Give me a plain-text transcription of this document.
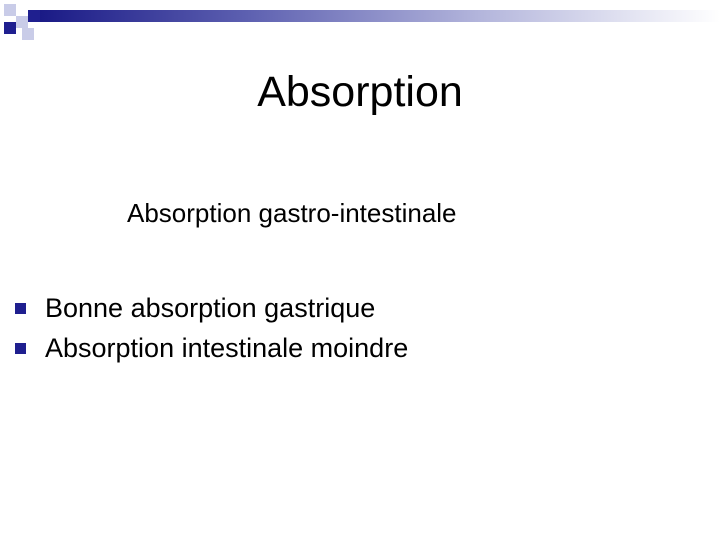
Absorption
Absorption gastro-intestinale
Bonne absorption gastrique
Absorption intestinale moindre
